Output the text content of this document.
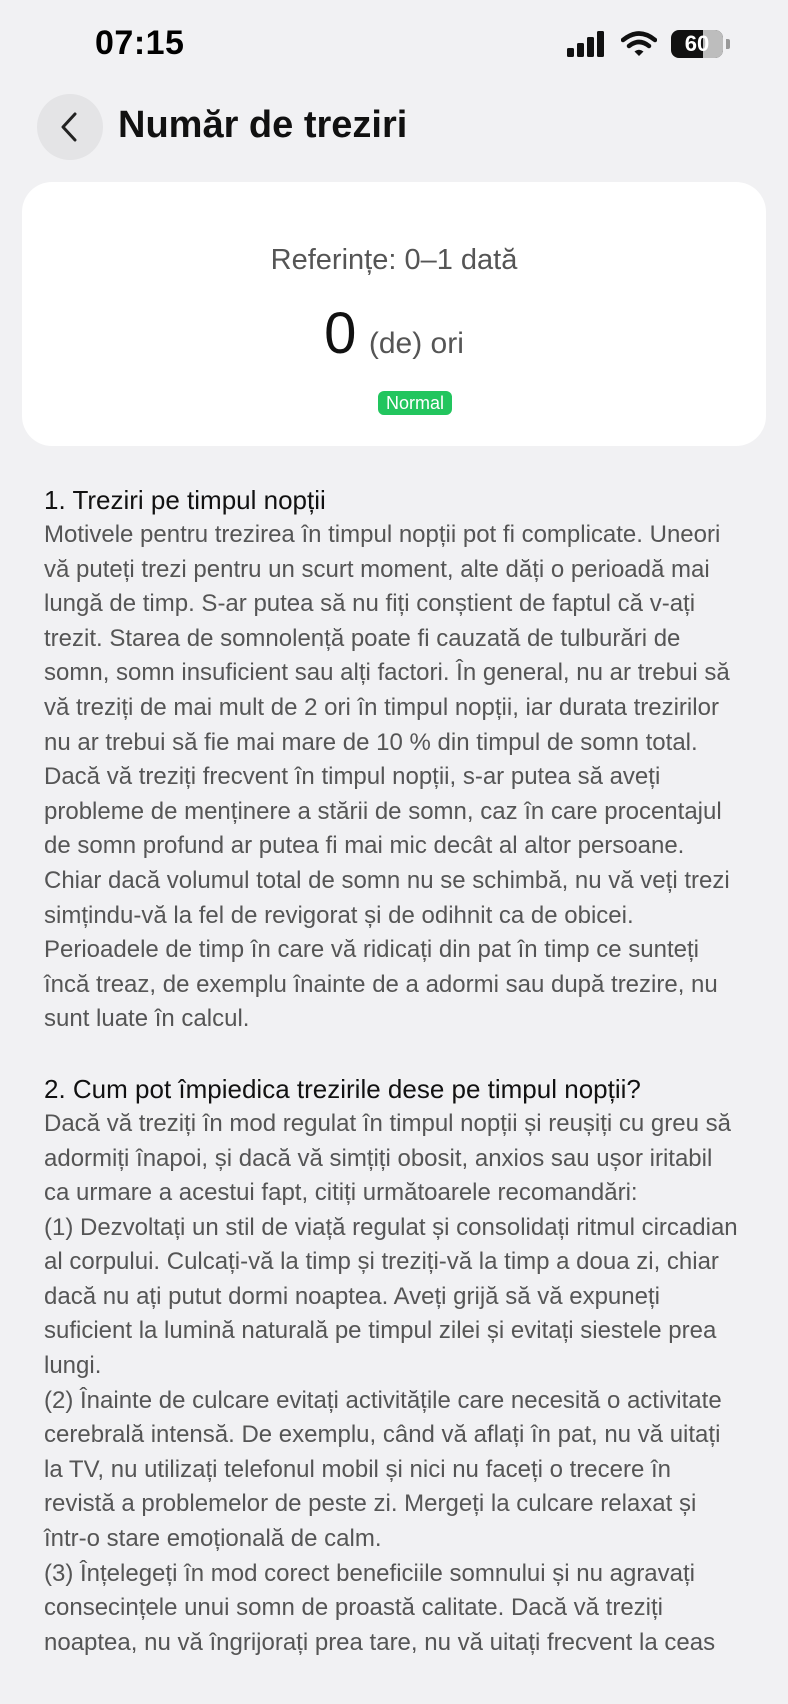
07:15	60
Număr de treziri
Referințe: 0–1 dată
0 (de) ori
Normal
1. Treziri pe timpul nopții

Motivele pentru trezirea în timpul nopții pot fi complicate. Uneori vă puteți trezi pentru un scurt moment, alte dăți o perioadă mai lungă de timp. S-ar putea să nu fiți conștient de faptul că v-ați trezit. Starea de somnolență poate fi cauzată de tulburări de somn, somn insuficient sau alți factori. În general, nu ar trebui să vă treziți de mai mult de 2 ori în timpul nopții, iar durata trezirilor nu ar trebui să fie mai mare de 10 % din timpul de somn total. Dacă vă treziți frecvent în timpul nopții, s-ar putea să aveți probleme de menținere a stării de somn, caz în care procentajul de somn profund ar putea fi mai mic decât al altor persoane. Chiar dacă volumul total de somn nu se schimbă, nu vă veți trezi simțindu-vă la fel de revigorat și de odihnit ca de obicei.

Perioadele de timp în care vă ridicați din pat în timp ce sunteți încă treaz, de exemplu înainte de a adormi sau după trezire, nu sunt luate în calcul.

2. Cum pot împiedica trezirile dese pe timpul nopții?

Dacă vă treziți în mod regulat în timpul nopții și reușiți cu greu să adormiți înapoi, și dacă vă simțiți obosit, anxios sau ușor iritabil ca urmare a acestui fapt, citiți următoarele recomandări:

(1) Dezvoltați un stil de viață regulat și consolidați ritmul circadian al corpului. Culcați-vă la timp și treziți-vă la timp a doua zi, chiar dacă nu ați putut dormi noaptea. Aveți grijă să vă expuneți suficient la lumină naturală pe timpul zilei și evitați siestele prea lungi.

(2) Înainte de culcare evitați activitățile care necesită o activitate cerebrală intensă. De exemplu, când vă aflați în pat, nu vă uitați la TV, nu utilizați telefonul mobil și nici nu faceți o trecere în revistă a problemelor de peste zi. Mergeți la culcare relaxat și într-o stare emoțională de calm.

(3) Înțelegeți în mod corect beneficiile somnului și nu agravați consecințele unui somn de proastă calitate. Dacă vă treziți noaptea, nu vă îngrijorați prea tare, nu vă uitați frecvent la ceas
